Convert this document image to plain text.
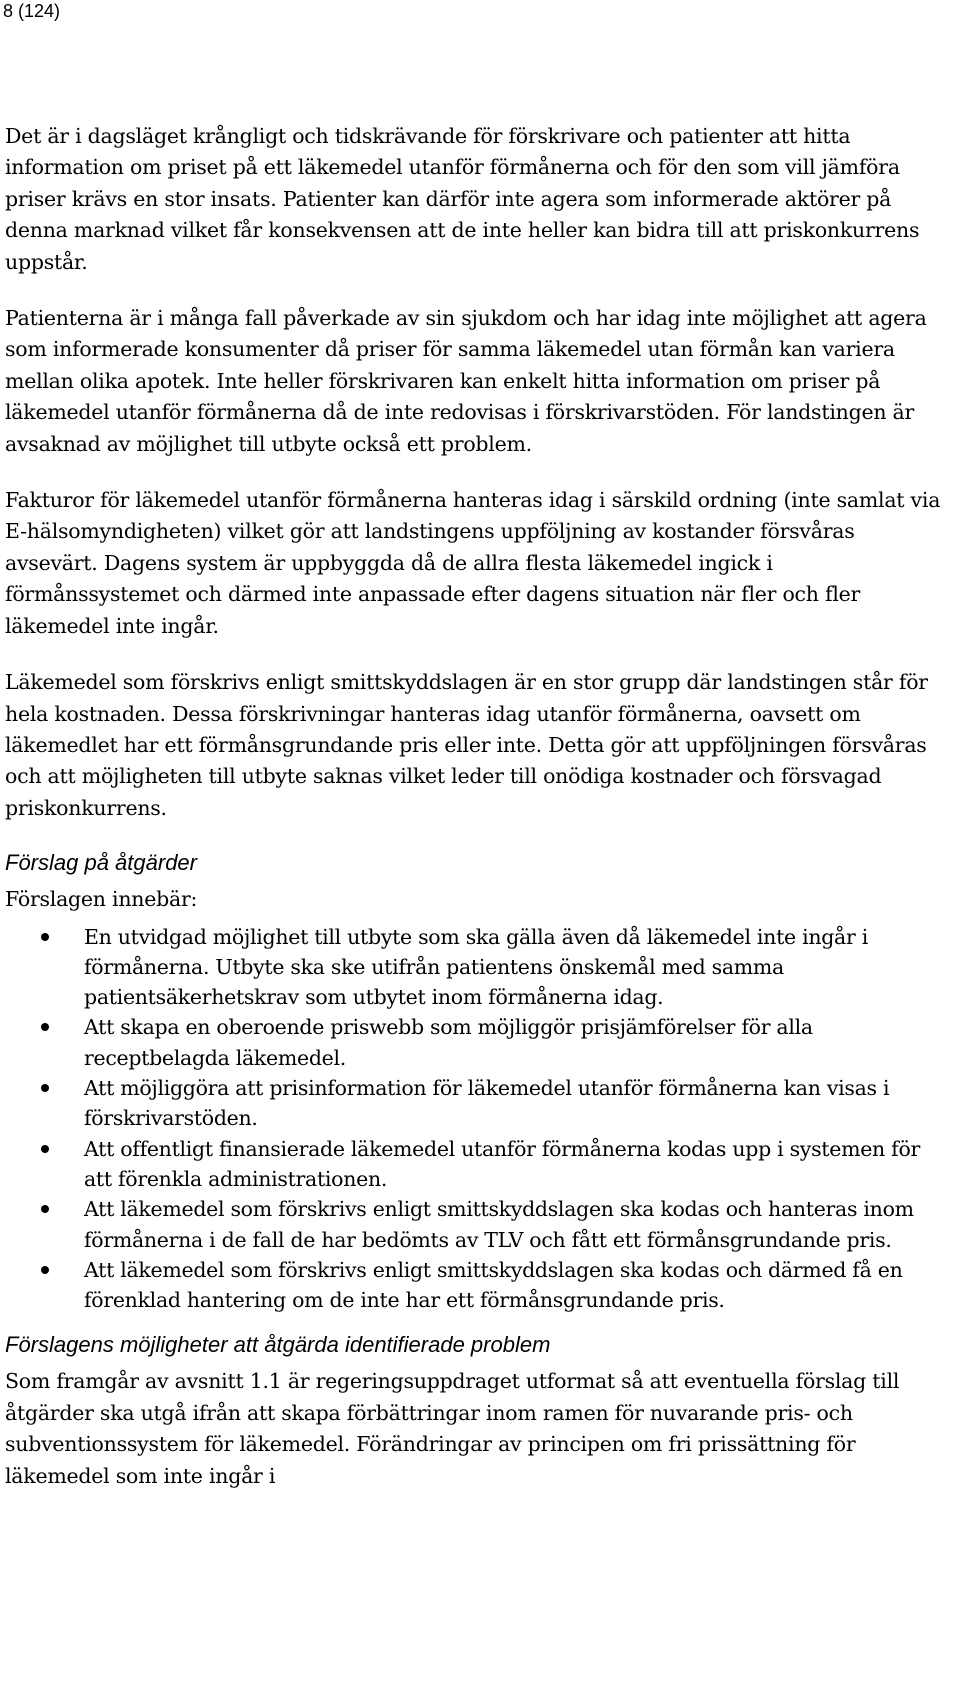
8 (124)

Det är i dagsläget krångligt och tidskrävande för förskrivare och patienter att hitta information om priset på ett läkemedel utanför förmånerna och för den som vill jämföra priser krävs en stor insats. Patienter kan därför inte agera som informerade aktörer på denna marknad vilket får konsekvensen att de inte heller kan bidra till att priskonkurrens uppstår.

Patienterna är i många fall påverkade av sin sjukdom och har idag inte möjlighet att agera som informerade konsumenter då priser för samma läkemedel utan förmån kan variera mellan olika apotek. Inte heller förskrivaren kan enkelt hitta information om priser på läkemedel utanför förmånerna då de inte redovisas i förskrivarstöden. För landstingen är avsaknad av möjlighet till utbyte också ett problem.

Fakturor för läkemedel utanför förmånerna hanteras idag i särskild ordning (inte samlat via E-hälsomyndigheten) vilket gör att landstingens uppföljning av kostander försvåras avsevärt. Dagens system är uppbyggda då de allra flesta läkemedel ingick i förmånssystemet och därmed inte anpassade efter dagens situation när fler och fler läkemedel inte ingår.

Läkemedel som förskrivs enligt smittskyddslagen är en stor grupp där landstingen står för hela kostnaden. Dessa förskrivningar hanteras idag utanför förmånerna, oavsett om läkemedlet har ett förmånsgrundande pris eller inte. Detta gör att uppföljningen försvåras och att möjligheten till utbyte saknas vilket leder till onödiga kostnader och försvagad priskonkurrens.

Förslag på åtgärder

Förslagen innebär:

En utvidgad möjlighet till utbyte som ska gälla även då läkemedel inte ingår i förmånerna. Utbyte ska ske utifrån patientens önskemål med samma patientsäkerhetskrav som utbytet inom förmånerna idag.
Att skapa en oberoende priswebb som möjliggör prisjämförelser för alla receptbelagda läkemedel.
Att möjliggöra att prisinformation för läkemedel utanför förmånerna kan visas i förskrivarstöden.
Att offentligt finansierade läkemedel utanför förmånerna kodas upp i systemen för att förenkla administrationen.
Att läkemedel som förskrivs enligt smittskyddslagen ska kodas och hanteras inom förmånerna i de fall de har bedömts av TLV och fått ett förmånsgrundande pris.
Att läkemedel som förskrivs enligt smittskyddslagen ska kodas och därmed få en förenklad hantering om de inte har ett förmånsgrundande pris.
Förslagens möjligheter att åtgärda identifierade problem

Som framgår av avsnitt 1.1 är regeringsuppdraget utformat så att eventuella förslag till åtgärder ska utgå ifrån att skapa förbättringar inom ramen för nuvarande pris- och subventionssystem för läkemedel. Förändringar av principen om fri prissättning för läkemedel som inte ingår i
